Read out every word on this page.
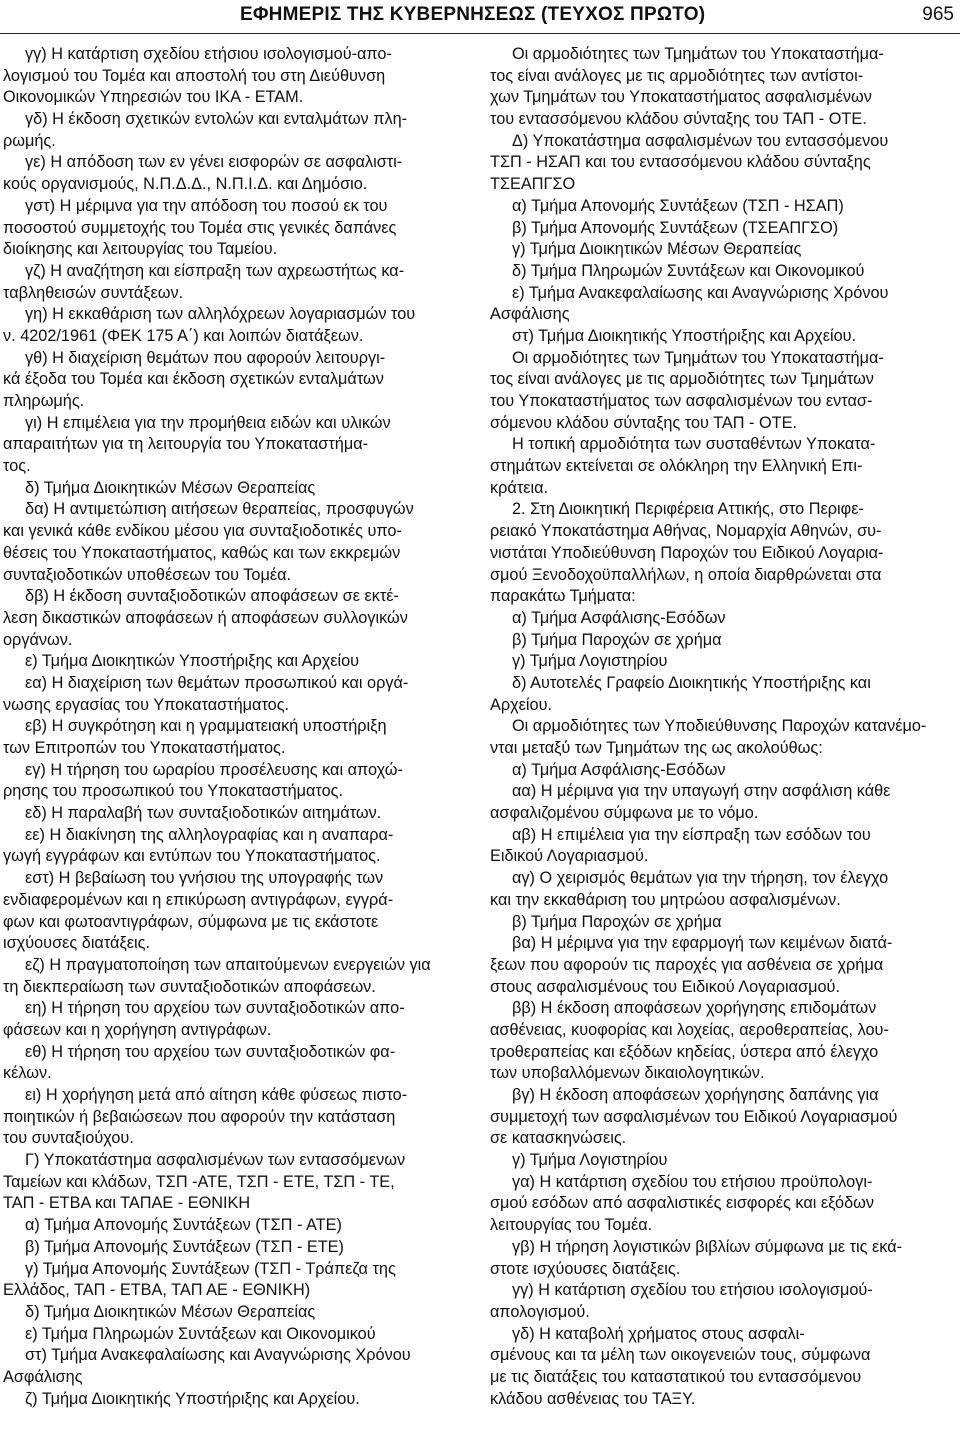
ΕΦΗΜΕΡΙΣ ΤΗΣ ΚΥΒΕΡΝΗΣΕΩΣ (ΤΕΥΧΟΣ ΠΡΩΤΟ)	965
γγ) Η κατάρτιση σχεδίου ετήσιου ισολογισμού-απο-
λογισμού του Τομέα και αποστολή του στη Διεύθυνση
Οικονομικών Υπηρεσιών του ΙΚΑ - ΕΤΑΜ.
γδ) Η έκδοση σχετικών εντολών και ενταλμάτων πλη-
ρωμής.
γε) Η απόδοση των εν γένει εισφορών σε ασφαλιστι-
κούς οργανισμούς, Ν.Π.Δ.Δ., Ν.Π.Ι.Δ. και Δημόσιο.
γστ) Η μέριμνα για την απόδοση του ποσού εκ του
ποσοστού συμμετοχής του Τομέα στις γενικές δαπάνες
διοίκησης και λειτουργίας του Ταμείου.
γζ) Η αναζήτηση και είσπραξη των αχρεωστήτως κα-
ταβληθεισών συντάξεων.
γη) Η εκκαθάριση των αλληλόχρεων λογαριασμών του
ν. 4202/1961 (ΦΕΚ 175 Α΄) και λοιπών διατάξεων.
γθ) Η διαχείριση θεμάτων που αφορούν λειτουργι-
κά έξοδα του Τομέα και έκδοση σχετικών ενταλμάτων
πληρωμής.
γι) Η επιμέλεια για την προμήθεια ειδών και υλικών
απαραιτήτων για τη λειτουργία του Υποκαταστήμα-
τος.
δ) Τμήμα Διοικητικών Μέσων Θεραπείας
δα) Η αντιμετώπιση αιτήσεων θεραπείας, προσφυγών
και γενικά κάθε ενδίκου μέσου για συνταξιοδοτικές υπο-
θέσεις του Υποκαταστήματος, καθώς και των εκκρεμών
συνταξιοδοτικών υποθέσεων του Τομέα.
δβ) Η έκδοση συνταξιοδοτικών αποφάσεων σε εκτέ-
λεση δικαστικών αποφάσεων ή αποφάσεων συλλογικών
οργάνων.
ε) Τμήμα Διοικητικών Υποστήριξης και Αρχείου
εα) Η διαχείριση των θεμάτων προσωπικού και οργά-
νωσης εργασίας του Υποκαταστήματος.
εβ) Η συγκρότηση και η γραμματειακή υποστήριξη
των Επιτροπών του Υποκαταστήματος.
εγ) Η τήρηση του ωραρίου προσέλευσης και αποχώ-
ρησης του προσωπικού του Υποκαταστήματος.
εδ) Η παραλαβή των συνταξιοδοτικών αιτημάτων.
εε) Η διακίνηση της αλληλογραφίας και η αναπαρα-
γωγή εγγράφων και εντύπων του Υποκαταστήματος.
εστ) Η βεβαίωση του γνήσιου της υπογραφής των
ενδιαφερομένων και η επικύρωση αντιγράφων, εγγρά-
φων και φωτοαντιγράφων, σύμφωνα με τις εκάστοτε
ισχύουσες διατάξεις.
εζ) Η πραγματοποίηση των απαιτούμενων ενεργειών για
τη διεκπεραίωση των συνταξιοδοτικών αποφάσεων.
εη) Η τήρηση του αρχείου των συνταξιοδοτικών απο-
φάσεων και η χορήγηση αντιγράφων.
εθ) Η τήρηση του αρχείου των συνταξιοδοτικών φα-
κέλων.
ει) Η χορήγηση μετά από αίτηση κάθε φύσεως πιστο-
ποιητικών ή βεβαιώσεων που αφορούν την κατάσταση
του συνταξιούχου.
Γ) Υποκατάστημα ασφαλισμένων των εντασσόμενων
Ταμείων και κλάδων, ΤΣΠ -ΑΤΕ, ΤΣΠ - ΕΤΕ, ΤΣΠ - ΤΕ,
ΤΑΠ - ΕΤΒΑ και ΤΑΠΑΕ - ΕΘΝΙΚΗ
α) Τμήμα Απονομής Συντάξεων (ΤΣΠ - ΑΤΕ)
β) Τμήμα Απονομής Συντάξεων (ΤΣΠ - ΕΤΕ)
γ) Τμήμα Απονομής Συντάξεων (ΤΣΠ - Τράπεζα της
Ελλάδος, ΤΑΠ - ΕΤΒΑ, ΤΑΠ ΑΕ - ΕΘΝΙΚΗ)
δ) Τμήμα Διοικητικών Μέσων Θεραπείας
ε) Τμήμα Πληρωμών Συντάξεων και Οικονομικού
στ) Τμήμα Ανακεφαλαίωσης και Αναγνώρισης Χρόνου
Ασφάλισης
ζ) Τμήμα Διοικητικής Υποστήριξης και Αρχείου.
Οι αρμοδιότητες των Τμημάτων του Υποκαταστήμα-
τος είναι ανάλογες με τις αρμοδιότητες των αντίστοι-
χων Τμημάτων του Υποκαταστήματος ασφαλισμένων
του εντασσόμενου κλάδου σύνταξης του ΤΑΠ - ΟΤΕ.
Δ) Υποκατάστημα ασφαλισμένων του εντασσόμενου
ΤΣΠ - ΗΣΑΠ και του εντασσόμενου κλάδου σύνταξης
ΤΣΕΑΠΓΣΟ
α) Τμήμα Απονομής Συντάξεων (ΤΣΠ - ΗΣΑΠ)
β) Τμήμα Απονομής Συντάξεων (ΤΣΕΑΠΓΣΟ)
γ) Τμήμα Διοικητικών Μέσων Θεραπείας
δ) Τμήμα Πληρωμών Συντάξεων και Οικονομικού
ε) Τμήμα Ανακεφαλαίωσης και Αναγνώρισης Χρόνου
Ασφάλισης
στ) Τμήμα Διοικητικής Υποστήριξης και Αρχείου.
Οι αρμοδιότητες των Τμημάτων του Υποκαταστήμα-
τος είναι ανάλογες με τις αρμοδιότητες των Τμημάτων
του Υποκαταστήματος των ασφαλισμένων του εντασ-
σόμενου κλάδου σύνταξης του ΤΑΠ - ΟΤΕ.
Η τοπική αρμοδιότητα των συσταθέντων Υποκατα-
στημάτων εκτείνεται σε ολόκληρη την Ελληνική Επι-
κράτεια.
2. Στη Διοικητική Περιφέρεια Αττικής, στο Περιφε-
ρειακό Υποκατάστημα Αθήνας, Νομαρχία Αθηνών, συ-
νιστάται Υποδιεύθυνση Παροχών του Ειδικού Λογαρια-
σμού Ξενοδοχοϋπαλλήλων, η οποία διαρθρώνεται στα
παρακάτω Τμήματα:
α) Τμήμα Ασφάλισης-Εσόδων
β) Τμήμα Παροχών σε χρήμα
γ) Τμήμα Λογιστηρίου
δ) Αυτοτελές Γραφείο Διοικητικής Υποστήριξης και
Αρχείου.
Οι αρμοδιότητες των Υποδιεύθυνσης Παροχών κατανέμο-
νται μεταξύ των Τμημάτων της ως ακολούθως:
α) Τμήμα Ασφάλισης-Εσόδων
αα) Η μέριμνα για την υπαγωγή στην ασφάλιση κάθε
ασφαλιζομένου σύμφωνα με το νόμο.
αβ) Η επιμέλεια για την είσπραξη των εσόδων του
Ειδικού Λογαριασμού.
αγ) Ο χειρισμός θεμάτων για την τήρηση, τον έλεγχο
και την εκκαθάριση του μητρώου ασφαλισμένων.
β) Τμήμα Παροχών σε χρήμα
βα) Η μέριμνα για την εφαρμογή των κειμένων διατά-
ξεων που αφορούν τις παροχές για ασθένεια σε χρήμα
στους ασφαλισμένους του Ειδικού Λογαριασμού.
ββ) Η έκδοση αποφάσεων χορήγησης επιδομάτων
ασθένειας, κυοφορίας και λοχείας, αεροθεραπείας, λου-
τροθεραπείας και εξόδων κηδείας, ύστερα από έλεγχο
των υποβαλλόμενων δικαιολογητικών.
βγ) Η έκδοση αποφάσεων χορήγησης δαπάνης για
συμμετοχή των ασφαλισμένων του Ειδικού Λογαριασμού
σε κατασκηνώσεις.
γ) Τμήμα Λογιστηρίου
γα) Η κατάρτιση σχεδίου του ετήσιου προϋπολογι-
σμού εσόδων από ασφαλιστικές εισφορές και εξόδων
λειτουργίας του Τομέα.
γβ) Η τήρηση λογιστικών βιβλίων σύμφωνα με τις εκά-
στοτε ισχύουσες διατάξεις.
γγ) Η κατάρτιση σχεδίου του ετήσιου ισολογισμού-
απολογισμού.
γδ) Η καταβολή χρήματος στους ασφαλι-
σμένους και τα μέλη των οικογενειών τους, σύμφωνα
με τις διατάξεις του καταστατικού του εντασσόμενου
κλάδου ασθένειας του ΤΑΞΥ.
